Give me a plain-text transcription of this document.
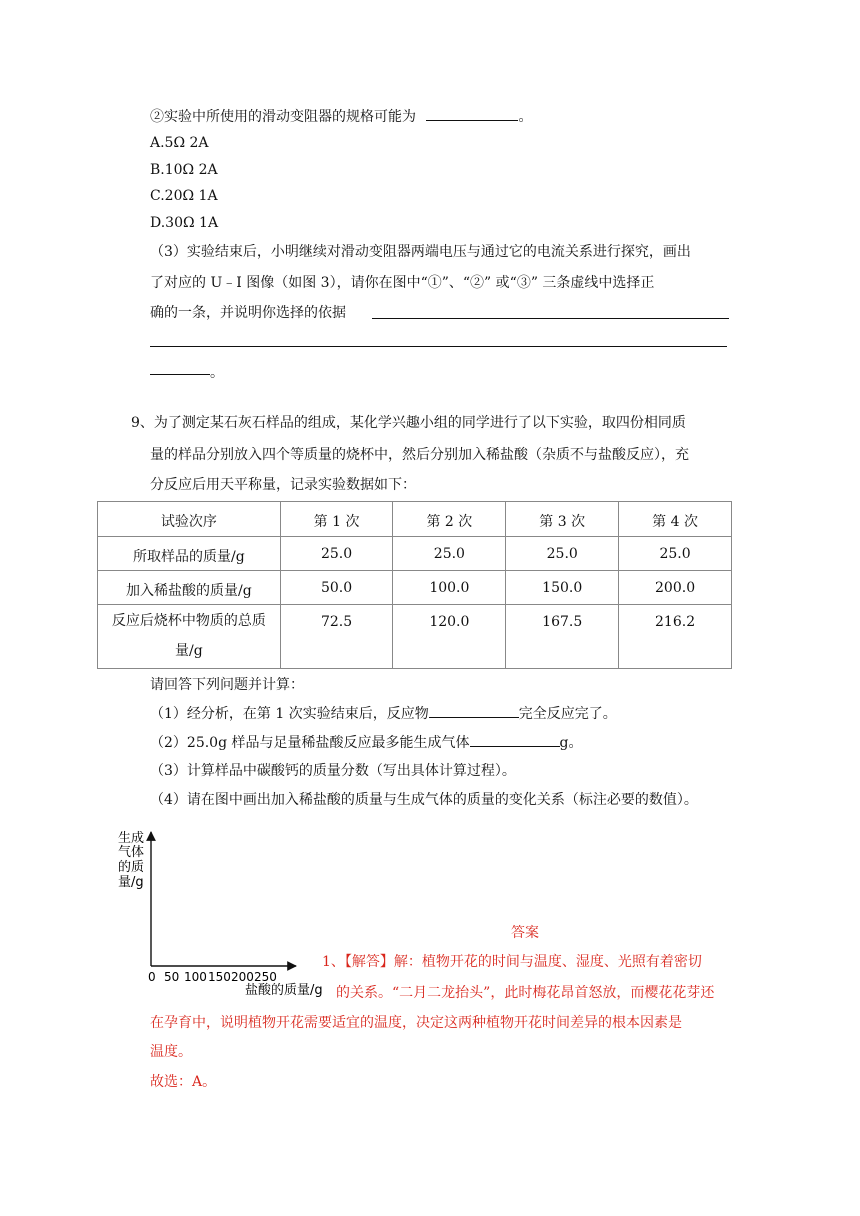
②实验中所使用的滑动变阻器的规格可能为	。
A.5Ω 2A
B.10Ω 2A
C.20Ω 1A
D.30Ω 1A
（3）实验结束后，小明继续对滑动变阻器两端电压与通过它的电流关系进行探究，画出
了对应的 U﹣I 图像（如图 3），请你在图中“①”、“②” 或“③” 三条虚线中选择正
确的一条，并说明你选择的依据
。
9、为了测定某石灰石样品的组成，某化学兴趣小组的同学进行了以下实验，取四份相同质
量的样品分别放入四个等质量的烧杯中，然后分别加入稀盐酸（杂质不与盐酸反应），充
分反应后用天平称量，记录实验数据如下：
试验次序	第 1 次	第 2 次	第 3 次	第 4 次
所取样品的质量/g	25.0	25.0	25.0	25.0
加入稀盐酸的质量/g	50.0	100.0	150.0	200.0

反应后烧杯中物质的总质
量/g	72.5	120.0	167.5	216.2
请回答下列问题并计算：
（1）经分析，在第 1 次实验结束后，反应物	完全反应完了。
（2）25.0g 样品与足量稀盐酸反应最多能生成气体	g。
（3）计算样品中碳酸钙的质量分数（写出具体计算过程）。
（4）请在图中画出加入稀盐酸的质量与生成气体的质量的变化关系（标注必要的数值）。
生成
气体
的质
量/g
0 50 100 150 200 250
盐酸的质量/g
答案
1、【解答】解：植物开花的时间与温度、湿度、光照有着密切
的关系。“二月二龙抬头”，此时梅花昂首怒放，而樱花花芽还
在孕育中，说明植物开花需要适宜的温度，决定这两种植物开花时间差异的根本因素是
温度。
故选：A。
